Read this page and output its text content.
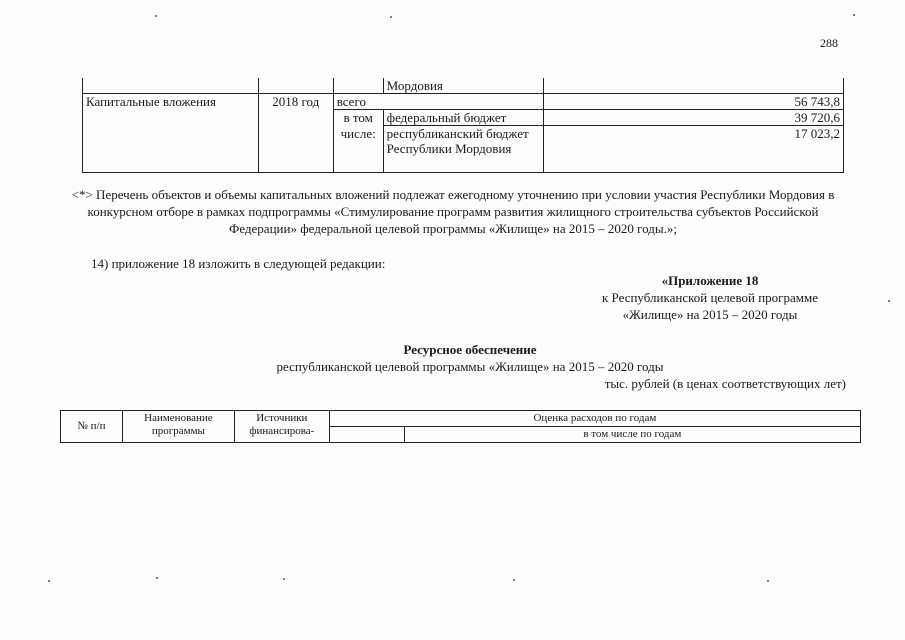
288
			Мордовия	
Капитальные вложения	2018 год	всего		56 743,8
		в том	федеральный бюджет	39 720,6
		числе:	республиканский бюджет Республики Мордовия	17 023,2
<*> Перечень объектов и объемы капитальных вложений подлежат ежегодному уточнению при условии участия Республики Мордовия в конкурсном отборе в рамках подпрограммы «Стимулирование программ развития жилищного строительства субъектов Российской Федерации» федеральной целевой программы «Жилище» на 2015 – 2020 годы.»;
14) приложение 18 изложить в следующей редакции:
«Приложение 18
к Республиканской целевой программе
«Жилище» на 2015 – 2020 годы
Ресурсное обеспечение
республиканской целевой программы «Жилище» на 2015 – 2020 годы
тыс. рублей (в ценах соответствующих лет)
№ п/п	Наименование программы	Источники финансирова-	Оценка расходов по годам	
				в том числе по годам
